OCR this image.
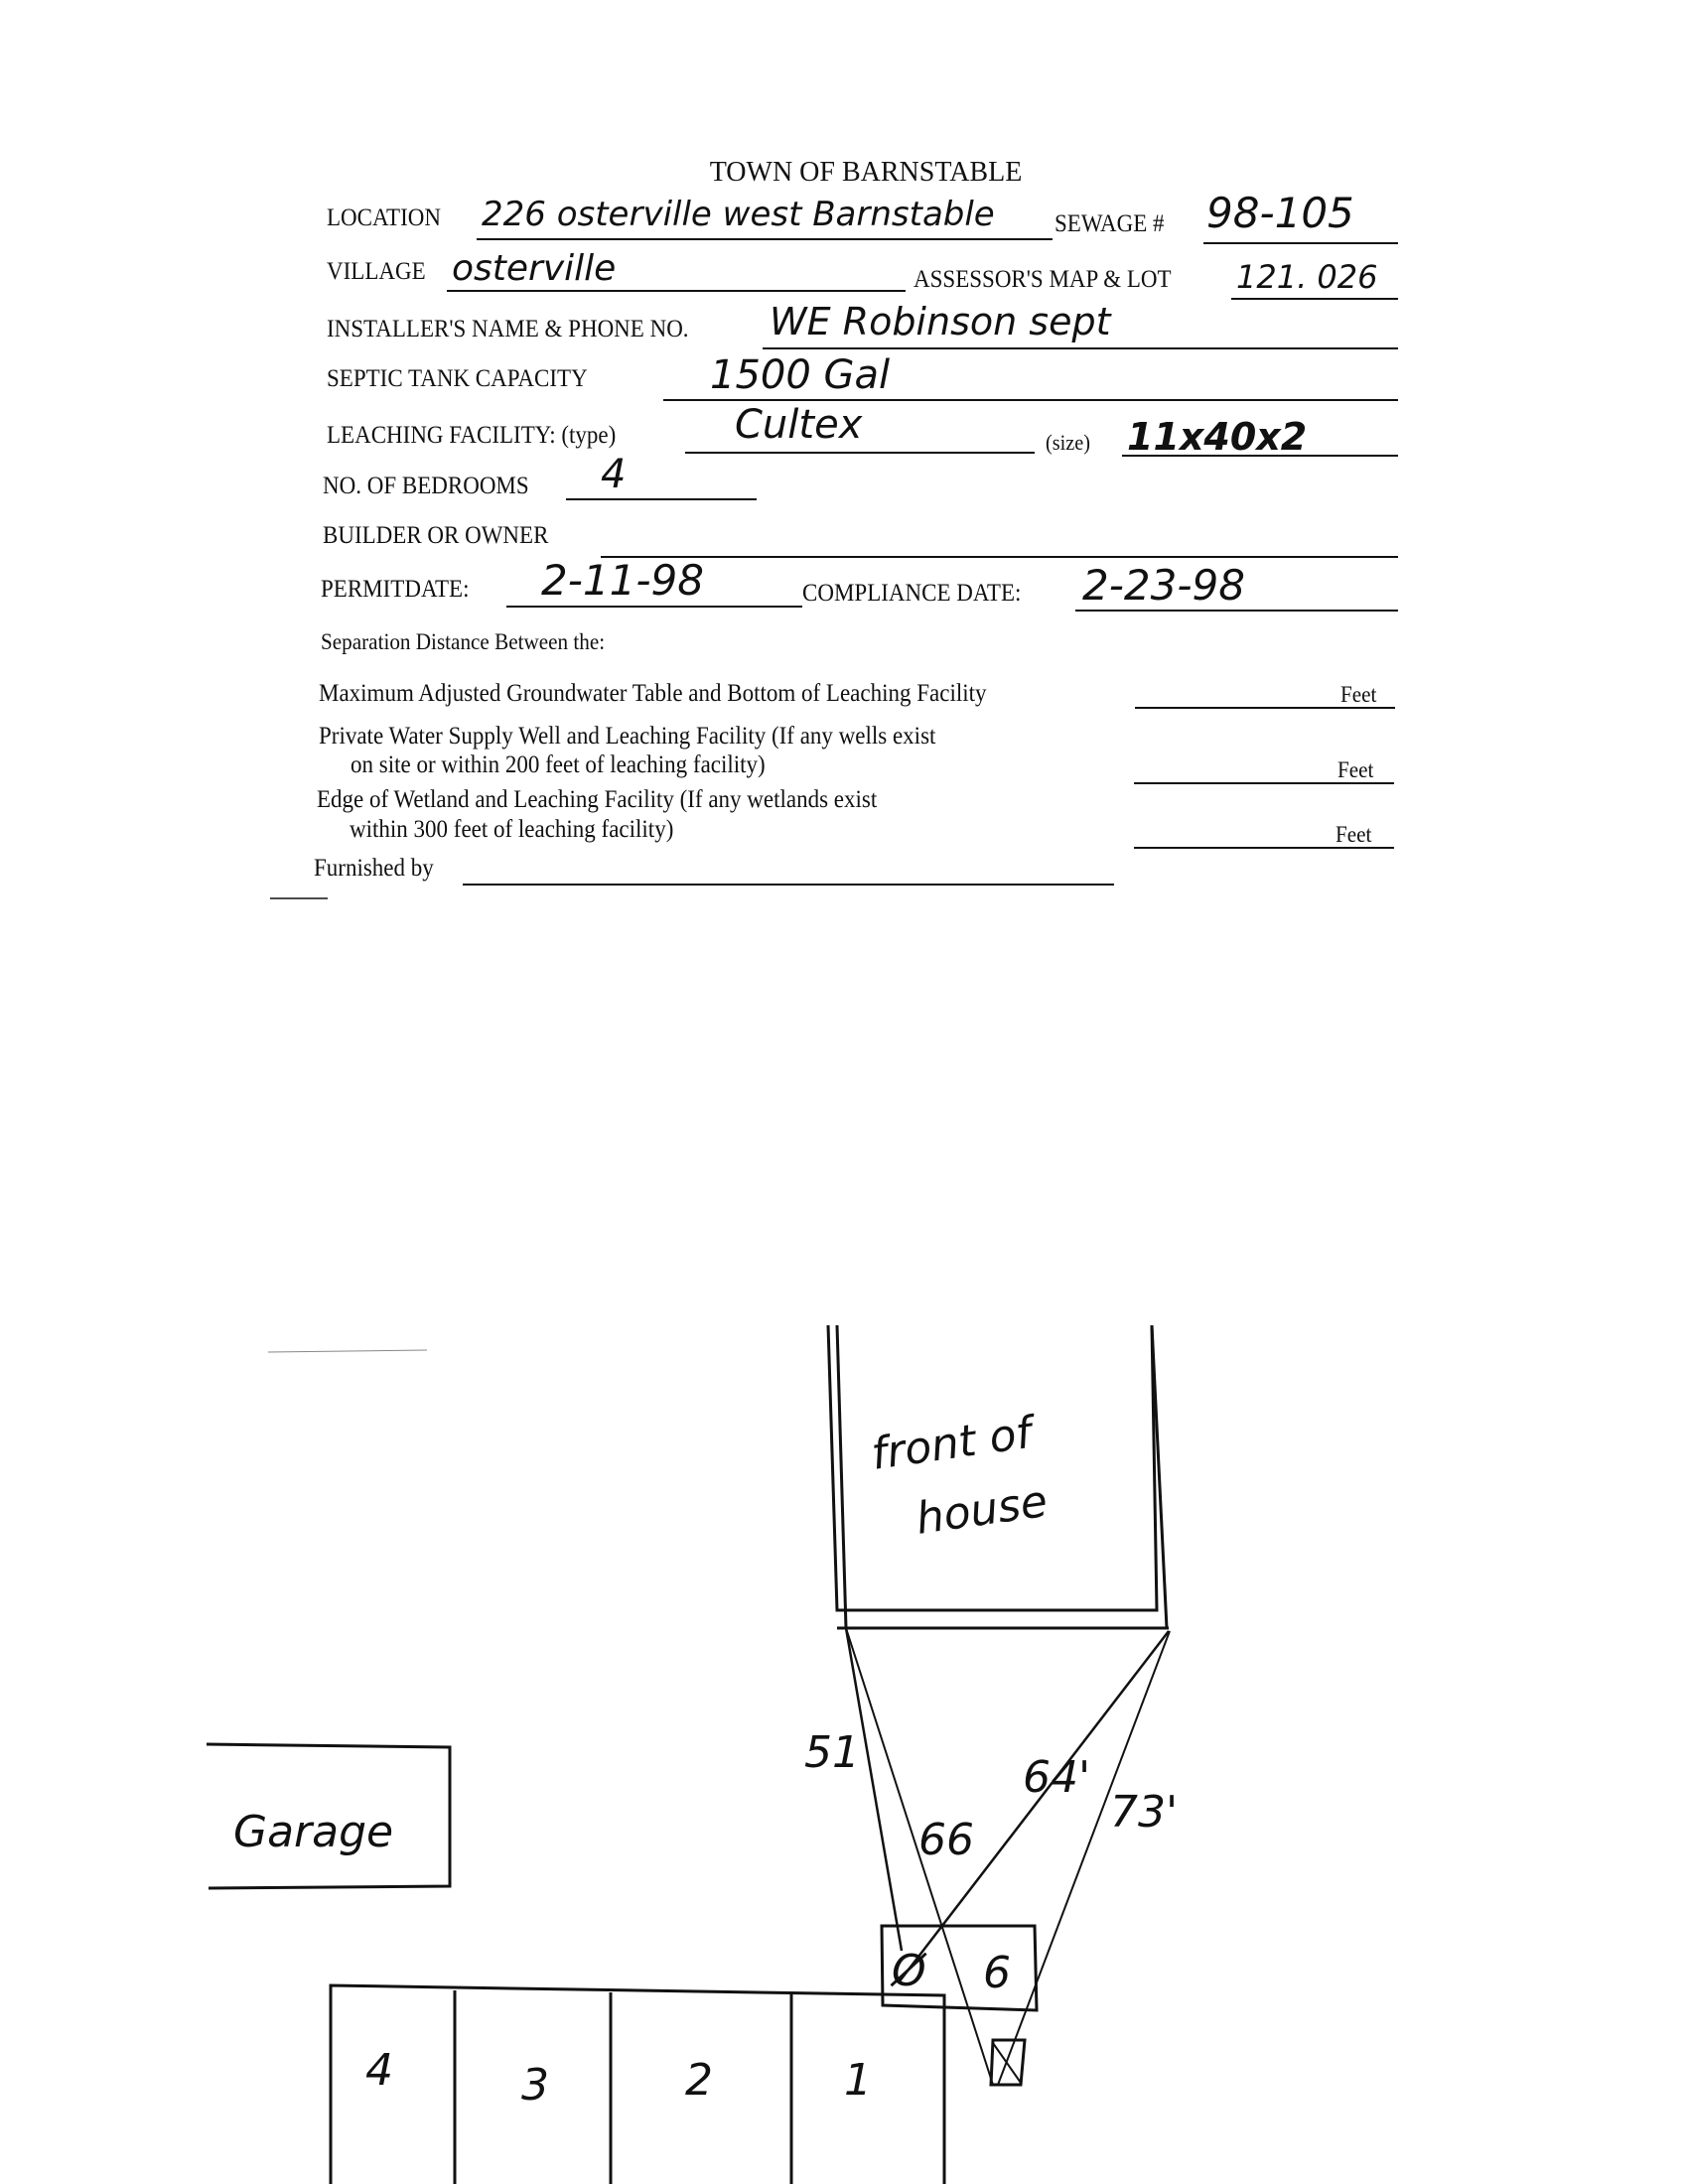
TOWN OF BARNSTABLE
LOCATION 226 osterville west Barnstable SEWAGE # 98-105
VILLAGE osterville	ASSESSOR'S MAP & LOT 121. 026
INSTALLER'S NAME & PHONE NO. WE Robinson sept
SEPTIC TANK CAPACITY	1500 Gal
LEACHING FACILITY: (type)	Cultex	(size) 11x40x2
NO. OF BEDROOMS 4
BUILDER OR OWNER
PERMITDATE: 2-11-98	COMPLIANCE DATE: 2-23-98
Separation Distance Between the:
Maximum Adjusted Groundwater Table and Bottom of Leaching Facility	Feet
Private Water Supply Well and Leaching Facility (If any wells exist
on site or within 200 feet of leaching facility)	Feet
Edge of Wetland and Leaching Facility (If any wetlands exist
within 300 feet of leaching facility)	Feet
Furnished by
front of
house
Garage
51
66
64'
73'
Ø 6
4	3	2	1
